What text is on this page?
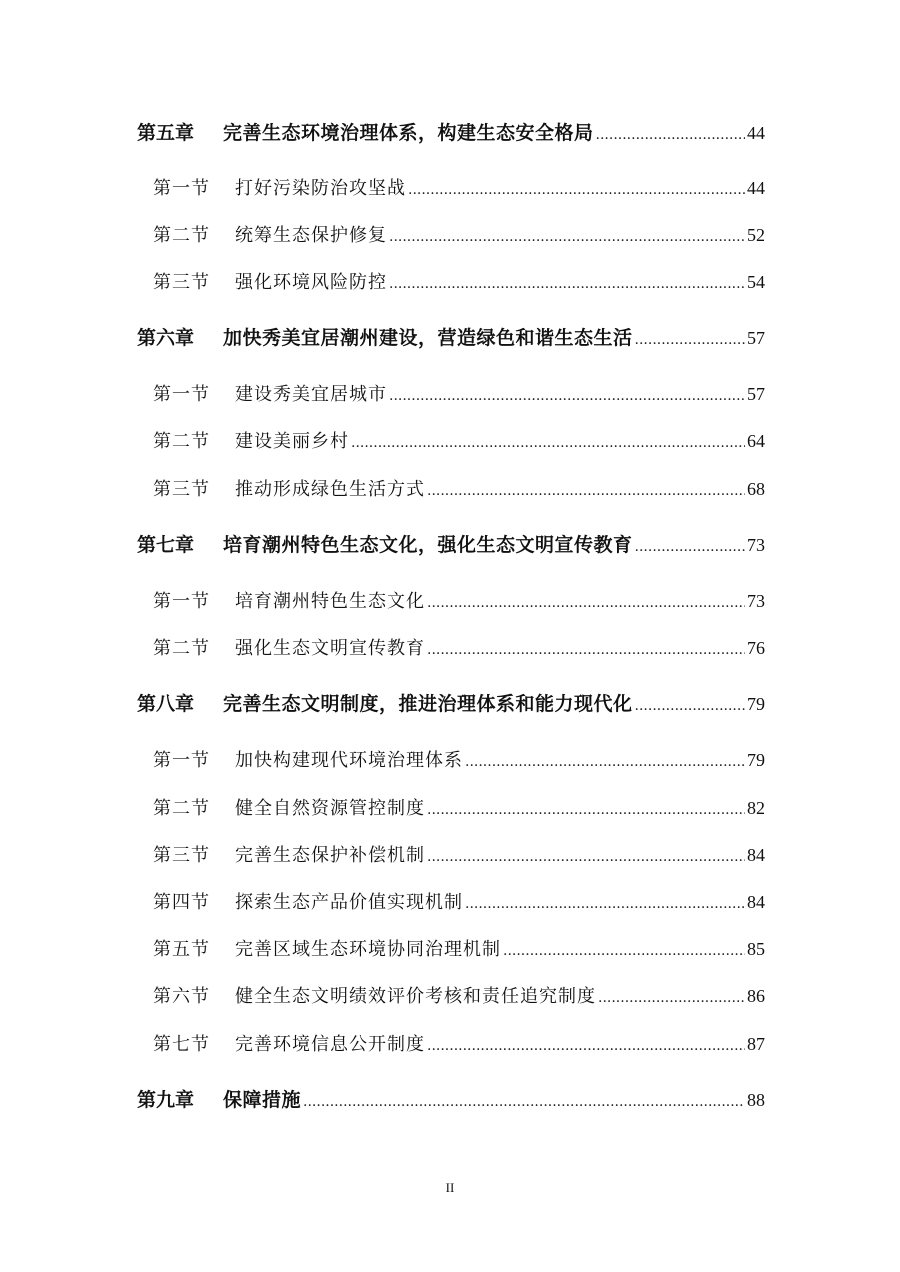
第五章	完善生态环境治理体系，构建生态安全格局 .....	44
第一节	打好污染防治攻坚战 .....	44
第二节	统筹生态保护修复 .....	52
第三节	强化环境风险防控 .....	54
第六章	加快秀美宜居潮州建设，营造绿色和谐生态生活 .....	57
第一节	建设秀美宜居城市 .....	57
第二节	建设美丽乡村 .....	64
第三节	推动形成绿色生活方式 .....	68
第七章	培育潮州特色生态文化，强化生态文明宣传教育 .....	73
第一节	培育潮州特色生态文化 .....	73
第二节	强化生态文明宣传教育 .....	76
第八章	完善生态文明制度，推进治理体系和能力现代化 .....	79
第一节	加快构建现代环境治理体系 .....	79
第二节	健全自然资源管控制度 .....	82
第三节	完善生态保护补偿机制 .....	84
第四节	探索生态产品价值实现机制 .....	84
第五节	完善区域生态环境协同治理机制 .....	85
第六节	健全生态文明绩效评价考核和责任追究制度 .....	86
第七节	完善环境信息公开制度 .....	87
第九章	保障措施 .....	88
II
